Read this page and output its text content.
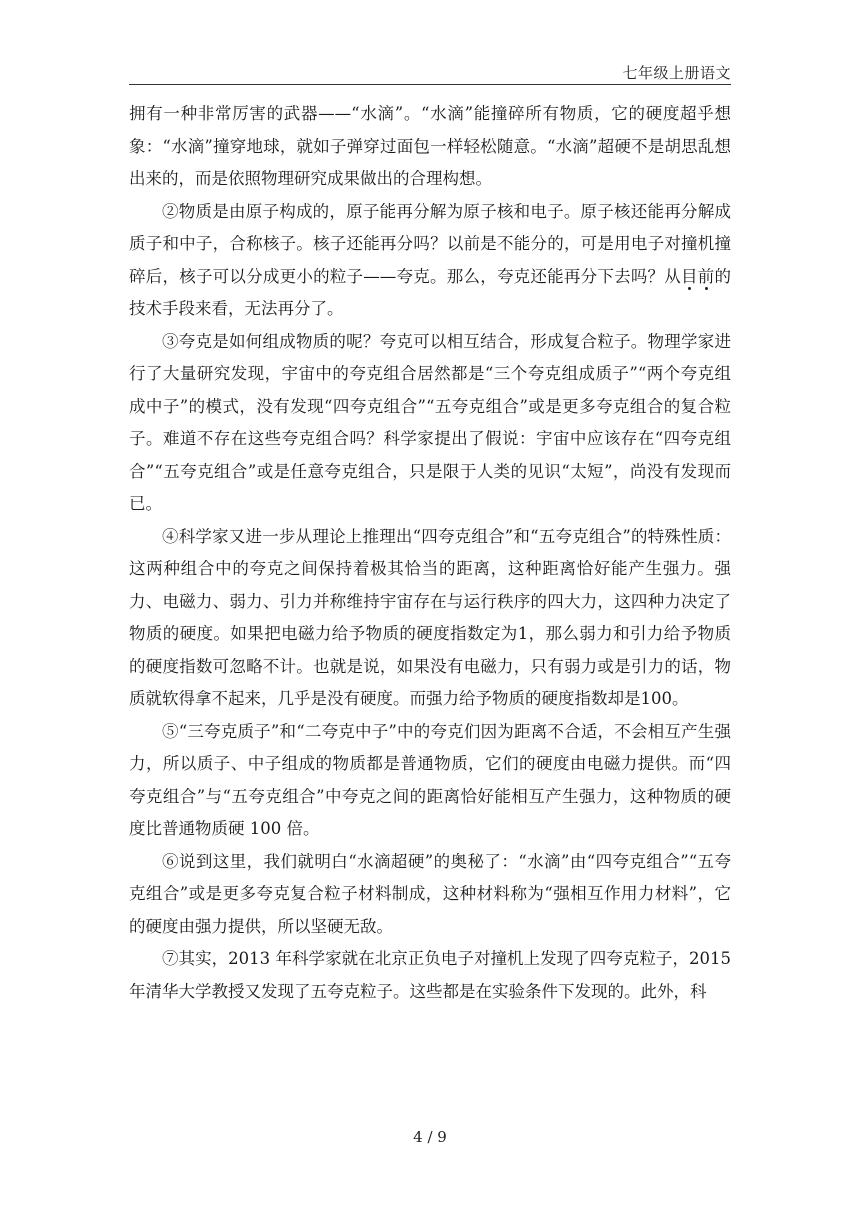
七年级上册语文

拥有一种非常厉害的武器——“水滴”。“水滴”能撞碎所有物质，它的硬度超乎想象：“水滴”撞穿地球，就如子弹穿过面包一样轻松随意。“水滴”超硬不是胡思乱想出来的，而是依照物理研究成果做出的合理构想。

②物质是由原子构成的，原子能再分解为原子核和电子。原子核还能再分解成质子和中子，合称核子。核子还能再分吗？以前是不能分的，可是用电子对撞机撞碎后，核子可以分成更小的粒子——夸克。那么，夸克还能再分下去吗？从目前的技术手段来看，无法再分了。

③夸克是如何组成物质的呢？夸克可以相互结合，形成复合粒子。物理学家进行了大量研究发现，宇宙中的夸克组合居然都是“三个夸克组成质子”“两个夸克组成中子”的模式，没有发现“四夸克组合”“五夸克组合”或是更多夸克组合的复合粒子。难道不存在这些夸克组合吗？科学家提出了假说：宇宙中应该存在“四夸克组合”“五夸克组合”或是任意夸克组合，只是限于人类的见识“太短”，尚没有发现而已。

④科学家又进一步从理论上推理出“四夸克组合”和“五夸克组合”的特殊性质：这两种组合中的夸克之间保持着极其恰当的距离，这种距离恰好能产生强力。强力、电磁力、弱力、引力并称维持宇宙存在与运行秩序的四大力，这四种力决定了物质的硬度。如果把电磁力给予物质的硬度指数定为1，那么弱力和引力给予物质的硬度指数可忽略不计。也就是说，如果没有电磁力，只有弱力或是引力的话，物质就软得拿不起来，几乎是没有硬度。而强力给予物质的硬度指数却是100。

⑤“三夸克质子”和“二夸克中子”中的夸克们因为距离不合适，不会相互产生强力，所以质子、中子组成的物质都是普通物质，它们的硬度由电磁力提供。而“四夸克组合”与“五夸克组合”中夸克之间的距离恰好能相互产生强力，这种物质的硬度比普通物质硬 100 倍。

⑥说到这里，我们就明白“水滴超硬”的奥秘了：“水滴”由“四夸克组合”“五夸克组合”或是更多夸克复合粒子材料制成，这种材料称为“强相互作用力材料”，它的硬度由强力提供，所以坚硬无敌。

⑦其实，2013 年科学家就在北京正负电子对撞机上发现了四夸克粒子，2015 年清华大学教授又发现了五夸克粒子。这些都是在实验条件下发现的。此外，科

4 / 9
